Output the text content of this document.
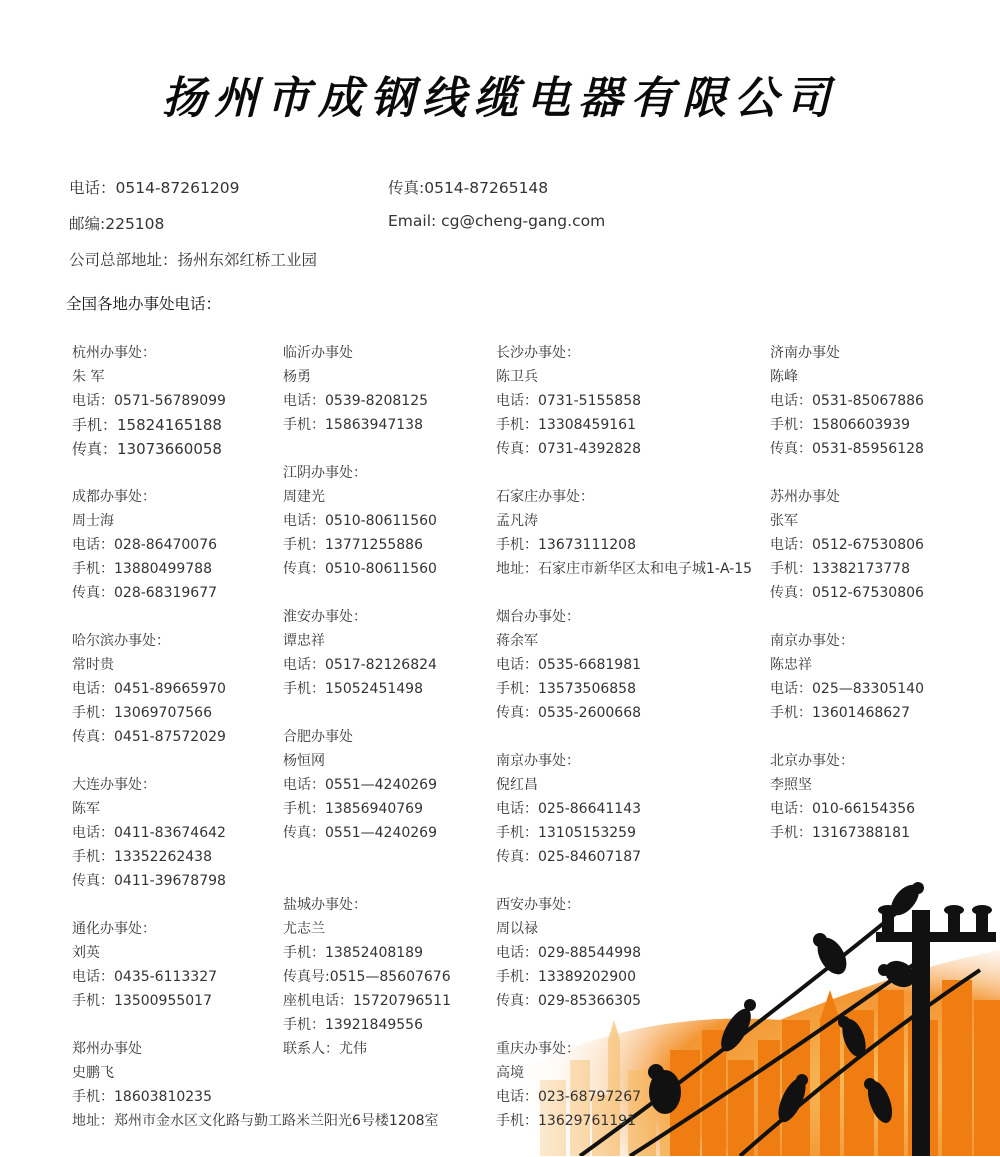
扬州市成钢线缆电器有限公司
电话：0514-87261209	传真:0514-87265148
邮编:225108	Email: cg@cheng-gang.com
公司总部地址：扬州东郊红桥工业园
全国各地办事处电话：
杭州办事处：
朱 军
电话：0571-56789099
手机：15824165188
传真：13073660058
成都办事处：
周士海
电话：028-86470076
手机：13880499788
传真：028-68319677
哈尔滨办事处：
常时贵
电话：0451-89665970
手机：13069707566
传真：0451-87572029
大连办事处：
陈军
电话：0411-83674642
手机：13352262438
传真：0411-39678798
通化办事处：
刘英
电话：0435-6113327
手机：13500955017
郑州办事处
史鹏飞
手机：18603810235
地址：郑州市金水区文化路与勤工路米兰阳光6号楼1208室
临沂办事处
杨勇
电话：0539-8208125
手机：15863947138
江阴办事处：
周建光
电话：0510-80611560
手机：13771255886
传真：0510-80611560
淮安办事处：
谭忠祥
电话：0517-82126824
手机：15052451498
合肥办事处
杨恒网
电话：0551—4240269
手机：13856940769
传真：0551—4240269
盐城办事处：
尤志兰
手机：13852408189
传真号:0515—85607676
座机电话：15720796511
手机：13921849556
联系人：尤伟
长沙办事处：
陈卫兵
电话：0731-5155858
手机：13308459161
传真：0731-4392828
石家庄办事处：
孟凡涛
手机：13673111208
地址：石家庄市新华区太和电子城1-A-15
烟台办事处：
蒋余军
电话：0535-6681981
手机：13573506858
传真：0535-2600668
南京办事处：
倪红昌
电话：025-86641143
手机：13105153259
传真：025-84607187
西安办事处：
周以禄
电话：029-88544998
手机：13389202900
传真：029-85366305
重庆办事处：
高境
电话：023-68797267
手机：13629761191
济南办事处
陈峰
电话：0531-85067886
手机：15806603939
传真：0531-85956128
苏州办事处
张军
电话：0512-67530806
手机：13382173778
传真：0512-67530806
南京办事处：
陈忠祥
电话：025—83305140
手机：13601468627
北京办事处：
李照坚
电话：010-66154356
手机：13167388181
